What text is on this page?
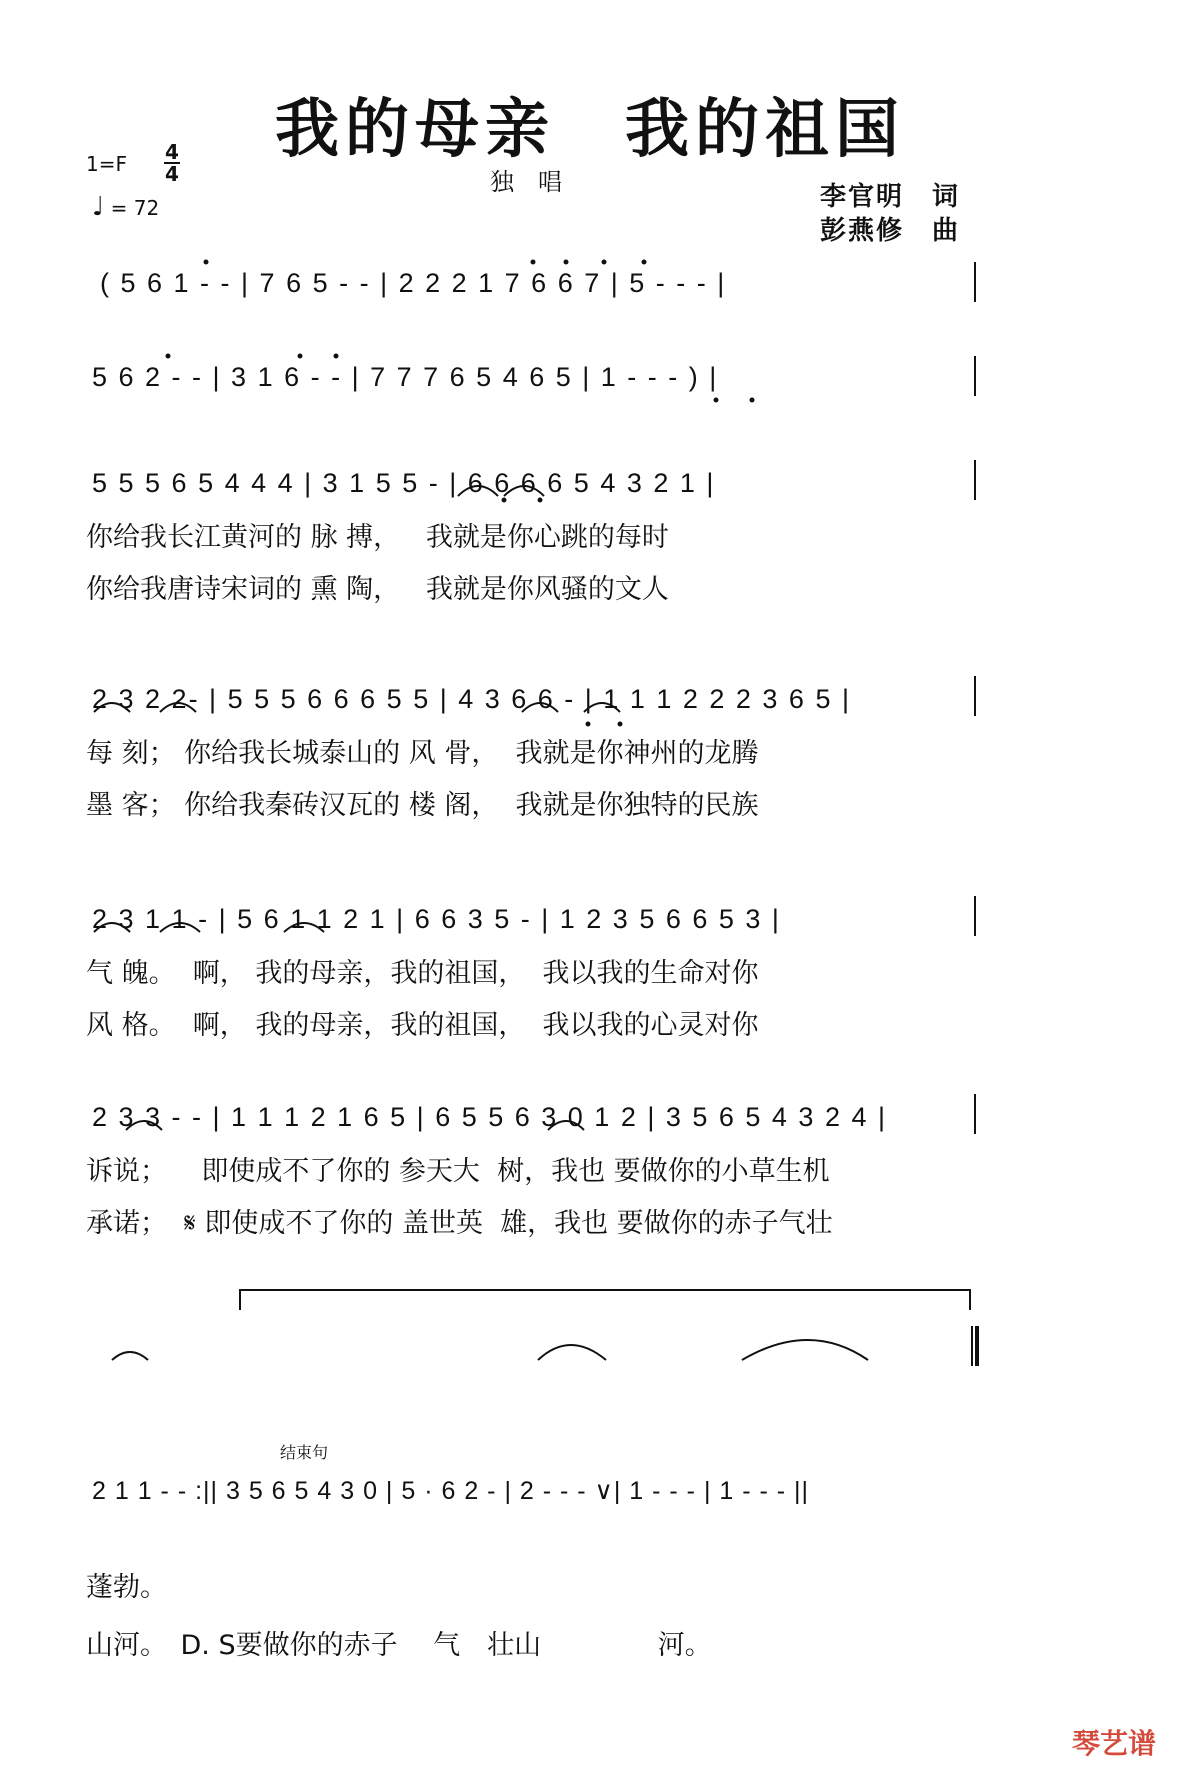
我的母亲　我的祖国
1=F 4
4
♩ = 72
独　唱	李官明　词
彭燕修　曲
( 5 6 1 - - | 7 6 5 - - | 2 2 2 1 7 6 6 7 | 5 - - - |
5 6 2 - - | 3 1 6 - - | 7 7 7 6 5 4 6 5 | 1 - - - ) |
5 5 5 6 5 4 4 4 | 3 1 5 5 - | 6 6 6 6 5 4 3 2 1 |
你给我长江黄河的 脉 搏，   我就是你心跳的每时
你给我唐诗宋词的 熏 陶，   我就是你风骚的文人
2 3 2 2- | 5 5 5 6 6 6 5 5 | 4 3 6 6 - | 1 1 1 2 2 2 3 6 5 |
每 刻； 你给我长城泰山的 风 骨，  我就是你神州的龙腾
墨 客； 你给我秦砖汉瓦的 楼 阁，  我就是你独特的民族
2 3 1 1 - | 5 6 1 1 2 1 | 6 6 3 5 - | 1 2 3 5 6 6 5 3 |
气 魄。  啊， 我的母亲，我的祖国，  我以我的生命对你
风 格。  啊， 我的母亲，我的祖国，  我以我的心灵对你
2 3 3 - - | 1 1 1 2 1 6 5 | 6 5 5 6 3 0 1 2 | 3 5 6 5 4 3 2 4 |
诉说；    即使成不了你的 参天大  树，我也 要做你的小草生机
承诺；  𝄋 即使成不了你的 盖世英  雄，我也 要做你的赤子气壮
结束句
2 1 1 - - :|| 3 5 6 5 4 3 0 | 5 · 6 2 - | 2 - - - ∨| 1 - - - | 1 - - - ||
蓬勃。
山河。　D. S要做你的赤子　 气　壮山　　　　 河。
琴艺谱
